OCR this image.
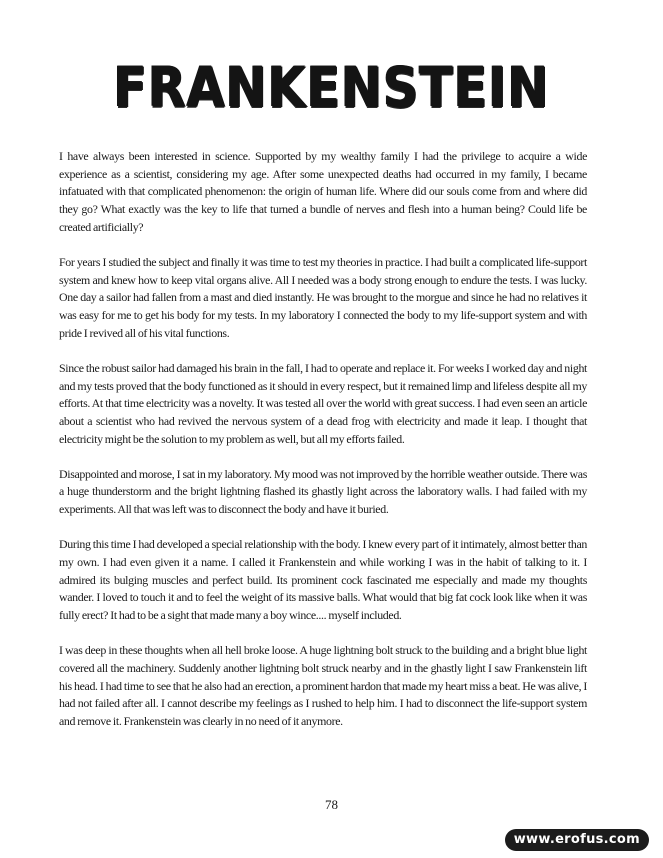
FRANKENSTEIN

I have always been interested in science. Supported by my wealthy family I had the privilege to acquire a wide experience as a scientist, considering my age. After some unexpected deaths had occurred in my family, I became infatuated with that complicated phenomenon: the origin of human life. Where did our souls come from and where did they go? What exactly was the key to life that turned a bundle of nerves and flesh into a human being? Could life be created artificially?

For years I studied the subject and finally it was time to test my theories in practice. I had built a complicated life-support system and knew how to keep vital organs alive. All I needed was a body strong enough to endure the tests. I was lucky. One day a sailor had fallen from a mast and died instantly. He was brought to the morgue and since he had no relatives it was easy for me to get his body for my tests. In my laboratory I connected the body to my life-support system and with pride I revived all of his vital functions.

Since the robust sailor had damaged his brain in the fall, I had to operate and replace it. For weeks I worked day and night and my tests proved that the body functioned as it should in every respect, but it remained limp and lifeless despite all my efforts. At that time electricity was a novelty. It was tested all over the world with great success. I had even seen an article about a scientist who had revived the nervous system of a dead frog with electricity and made it leap. I thought that electricity might be the solution to my problem as well, but all my efforts failed.

Disappointed and morose, I sat in my laboratory. My mood was not improved by the horrible weather outside. There was a huge thunderstorm and the bright lightning flashed its ghastly light across the laboratory walls. I had failed with my experiments. All that was left was to disconnect the body and have it buried.

During this time I had developed a special relationship with the body. I knew every part of it intimately, almost better than my own. I had even given it a name. I called it Frankenstein and while working I was in the habit of talking to it. I admired its bulging muscles and perfect build. Its prominent cock fascinated me especially and made my thoughts wander. I loved to touch it and to feel the weight of its massive balls. What would that big fat cock look like when it was fully erect? It had to be a sight that made many a boy wince.... myself included.

I was deep in these thoughts when all hell broke loose. A huge lightning bolt struck to the building and a bright blue light covered all the machinery. Suddenly another lightning bolt struck nearby and in the ghastly light I saw Frankenstein lift his head. I had time to see that he also had an erection, a prominent hardon that made my heart miss a beat. He was alive, I had not failed after all. I cannot describe my feelings as I rushed to help him. I had to disconnect the life-support system and remove it. Frankenstein was clearly in no need of it anymore.

78
www.erofus.com
